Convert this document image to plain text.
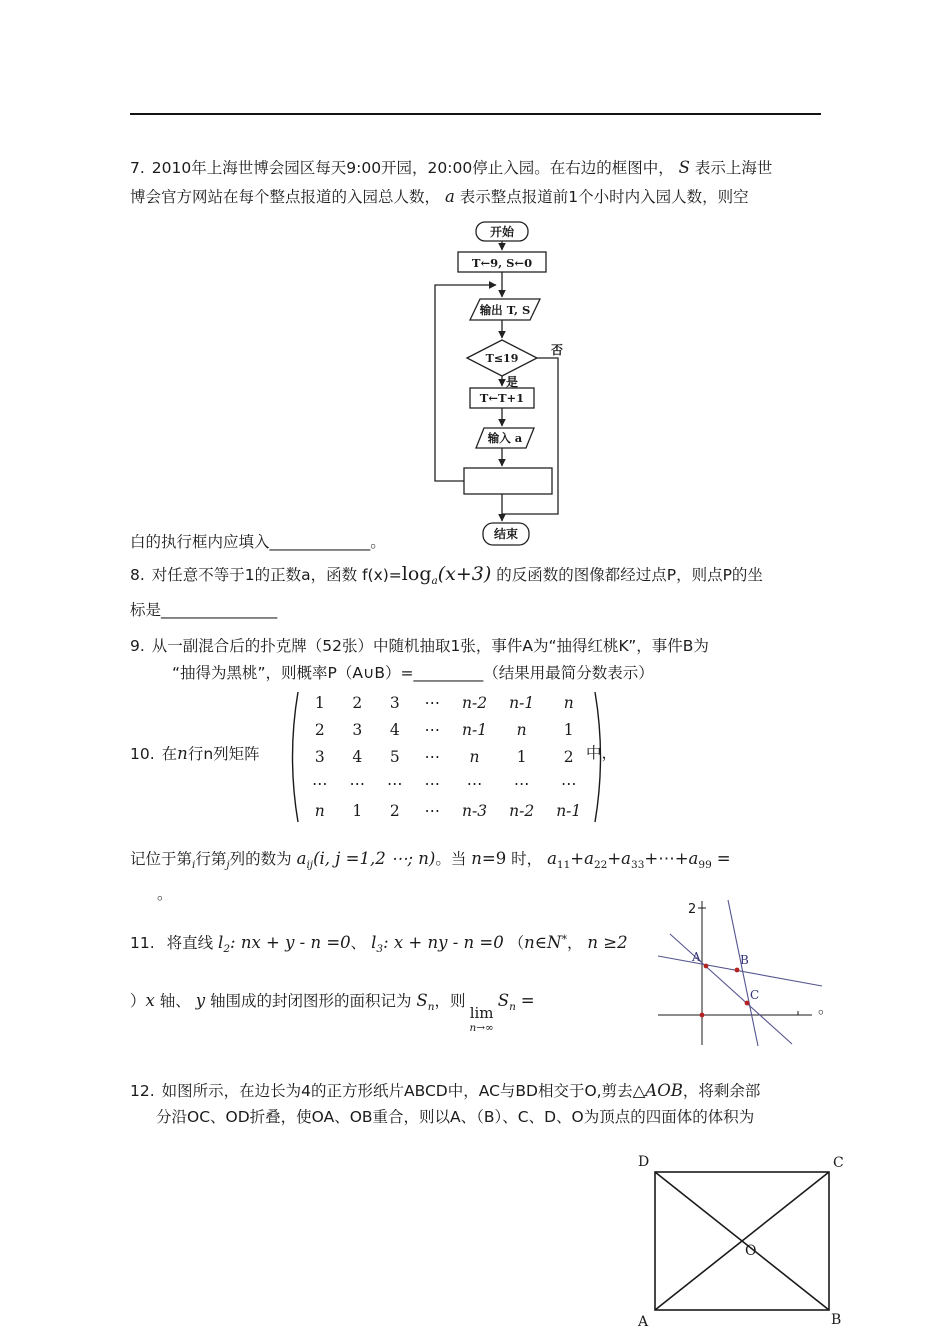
7. 2010年上海世博会园区每天9:00开园，20:00停止入园。在右边的框图中， S 表示上海世
博会官方网站在每个整点报道的入园总人数， a 表示整点报道前1个小时内入园人数，则空
开始
T←9, S←0
输出 T, S
T≤19
否
是
T←T+1
输入 a
结束
白的执行框内应填入_____________。
8. 对任意不等于1的正数a，函数 $f(x)=\log_a(x+3)$ 的反函数的图像都经过点P，则点P的坐
标是_______________
9. 从一副混合后的扑克牌（52张）中随机抽取1张，事件A为“抽得红桃K”，事件B为
“抽得为黑桃”，则概率P（A∪B）=_________（结果用最简分数表示）
10. 在n行n列矩阵
1	2	3	⋯	n-2	n-1	n
2	3	4	⋯	n-1	n	1
3	4	5	⋯	n	1	2
⋯	⋯	⋯	⋯	⋯	⋯	⋯
n	1	2	⋯	n-3	n-2	n-1
中，
记位于第$_i$行第$_j$列的数为 $a_{ij}(i$, j =1,2 ⋯; n)。当 n=9 时， $a_{11}+a_{22}+a_{33}+\cdots+a_{99}$ =
。
11. 将直线 $l_2$: nx + y - n =0、 $l_3$: x + ny - n =0 （n∈N*， n ≥2
）x 轴、 y 轴围成的封闭图形的面积记为 $S_n$，则
lim
n→∞
$S_n$ =	。
A	B
C
2
12. 如图所示，在边长为4的正方形纸片ABCD中，AC与BD相交于O,剪去△AOB，将剩余部
分沿OC、OD折叠，使OA、OB重合，则以A、（B）、C、D、O为顶点的四面体的体积为
D	C
O
A	B
